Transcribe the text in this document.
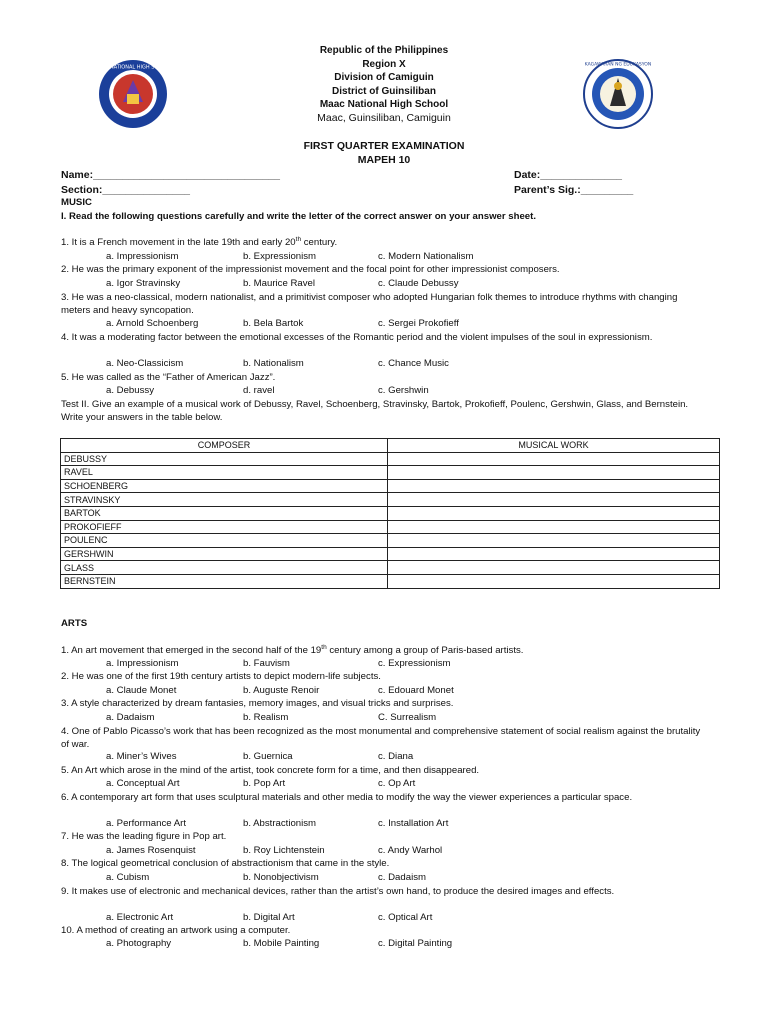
MAAC NATIONAL HIGH SCHOOL	KAGAWARAN NG EDUKASYON
Republic of the Philippines
Region X
Division of Camiguin
District of Guinsiliban
Maac National High School
Maac, Guinsiliban, Camiguin
FIRST QUARTER EXAMINATION
MAPEH 10
Name:________________________________	Date:______________
Section:_______________	Parent’s Sig.:_________
MUSIC
I. Read the following questions carefully and write the letter of the correct answer on your answer sheet.
1. It is a French movement in the late 19th and early 20th century.
a. Impressionism	b. Expressionism	c. Modern Nationalism
2. He was the primary exponent of the impressionist movement and the focal point for other impressionist composers.
a. Igor Stravinsky	b. Maurice Ravel	c. Claude Debussy
3. He was a neo-classical, modern nationalist, and a primitivist composer who adopted Hungarian folk themes to introduce rhythms with changing meters and heavy syncopation.
a. Arnold Schoenberg	b. Bela Bartok	c. Sergei Prokofieff
4. It was a moderating factor between the emotional excesses of the Romantic period and the violent impulses of the soul in expressionism.
a. Neo-Classicism	b. Nationalism	c. Chance Music
5. He was called as the “Father of American Jazz”.
a. Debussy	d. ravel	c. Gershwin
Test II. Give an example of a musical work of Debussy, Ravel, Schoenberg, Stravinsky, Bartok, Prokofieff, Poulenc, Gershwin, Glass, and Bernstein. Write your answers in the table below.
COMPOSER	MUSICAL WORK
DEBUSSY	
RAVEL	
SCHOENBERG	
STRAVINSKY	
BARTOK	
PROKOFIEFF	
POULENC	
GERSHWIN	
GLASS	
BERNSTEIN	
ARTS
1. An art movement that emerged in the second half of the 19th century among a group of Paris-based artists.
a. Impressionism	b. Fauvism	c. Expressionism
2. He was one of the first 19th century artists to depict modern-life subjects.
a. Claude Monet	b. Auguste Renoir	c. Edouard Monet
3. A style characterized by dream fantasies, memory images, and visual tricks and surprises.
a. Dadaism	b. Realism	C. Surrealism
4. One of Pablo Picasso’s work that has been recognized as the most monumental and comprehensive statement of social realism against the brutality of war.
a. Miner’s Wives	b. Guernica	c. Diana
5. An Art which arose in the mind of the artist, took concrete form for a time, and then disappeared.
a. Conceptual Art	b. Pop Art	c. Op Art
6. A contemporary art form that uses sculptural materials and other media to modify the way the viewer experiences a particular space.
a. Performance Art	b. Abstractionism	c. Installation Art
7. He was the leading figure in Pop art.
a. James Rosenquist	b. Roy Lichtenstein	c. Andy Warhol
8. The logical geometrical conclusion of abstractionism that came in the style.
a. Cubism	b. Nonobjectivism	c. Dadaism
9. It makes use of electronic and mechanical devices, rather than the artist’s own hand, to produce the desired images and effects.
a. Electronic Art	b. Digital Art	c. Optical Art
10. A method of creating an artwork using a computer.
a. Photography	b. Mobile Painting	c. Digital Painting
